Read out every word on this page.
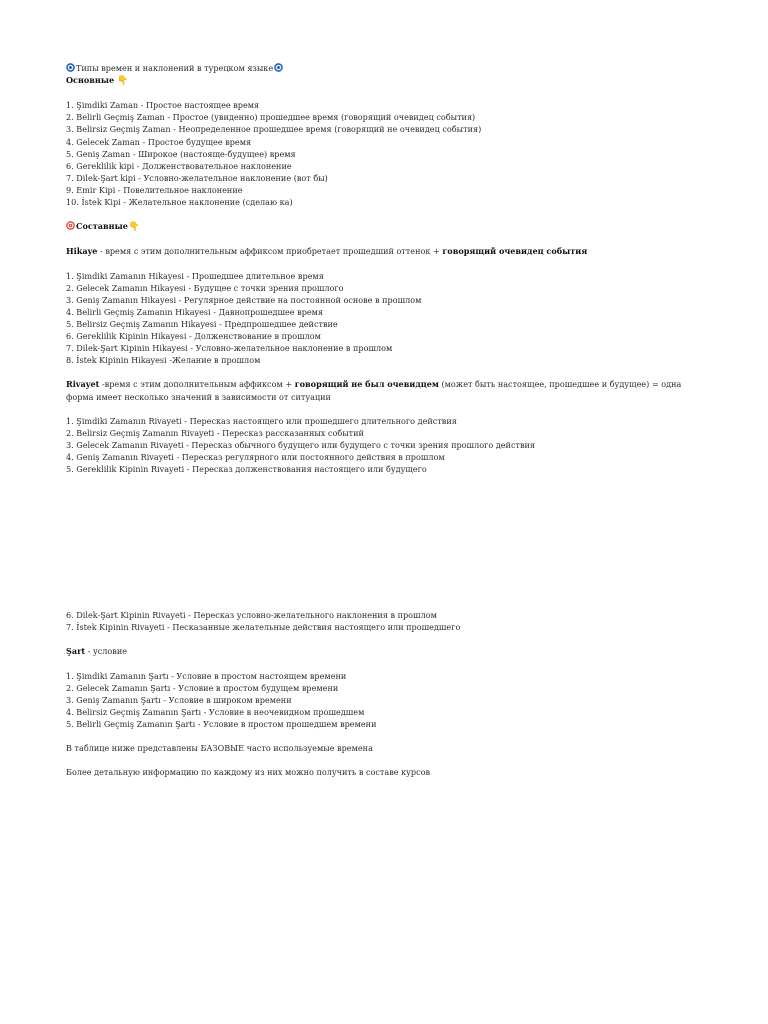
Типы времен и наклонений в турецком языке
Основные 👇
1. Şimdiki Zaman - Простое настоящее время
2. Belirli Geçmiş Zaman - Простое (увиденно) прошедшее время (говорящий очевидец события)
3. Belirsiz Geçmiş Zaman - Неопределенное прошедшее время (говорящий не очевидец события)
4. Gelecek Zaman - Простое будущее время
5. Geniş Zaman - Широкое (настояще-будущее) время
6. Gereklilik kipi - Долженствовательное наклонение
7. Dilek-Şart kipi - Условно-желательное наклонение (вот бы)
9. Emir Kipi - Повелительное наклонение
10. İstek Kipi - Желательное наклонение (сделаю ка)
Составные👇
Hikaye - время с этим дополнительным аффиксом приобретает прошедший оттенок + говорящий очевидец события
1. Şimdiki Zamanın Hikayesi - Прошедшее длительное время
2. Gelecek Zamanın Hikayesi - Будущее с точки зрения прошлого
3. Geniş Zamanın Hikayesi - Регулярное действие на постоянной основе в прошлом
4. Belirli Geçmiş Zamanın Hikayesi - Давнопрошедшее время
5. Belirsiz Geçmiş Zamanın Hikayesi - Предпрошедшее действие
6. Gereklilik Kipinin Hikayesi - Долженствование в прошлом
7. Dilek-Şart Kipinin Hikayesi - Условно-желательное наклонение в прошлом
8. İstek Kipinin Hikayesi -Желание в прошлом
Rivayet -время с этим дополнительным аффиксом + говорящий не был очевидцем (может быть настоящее, прошедшее и будущее) = одна форма имеет несколько значений в зависимости от ситуации
1. Şimdiki Zamanın Rivayeti - Пересказ настоящего или прошедшего длительного действия
2. Belirsiz Geçmiş Zamanın Rivayeti - Пересказ рассказанных событий
3. Gelecek Zamanın Rivayeti - Пересказ обычного будущего или будущего с точки зрения прошлого действия
4. Geniş Zamanın Rivayeti - Пересказ регулярного или постоянного действия в прошлом
5. Gereklilik Kipinin Rivayeti - Пересказ долженствования настоящего или будущего
6. Dilek-Şart Kipinin Rivayeti - Пересказ условно-желательного наклонения в прошлом
7. İstek Kipinin Rivayeti - Песказанные желательные действия настоящего или прошедшего
Şart - условие
1. Şimdiki Zamanın Şartı - Условие в простом настоящем времени
2. Gelecek Zamanın Şartı - Условие в простом будущем времени
3. Geniş Zamanın Şartı - Условие в широком времени
4. Belirsiz Geçmiş Zamanın Şartı - Условие в неочевидном прошедшем
5. Belirli Geçmiş Zamanın Şartı - Условие в простом прошедшем времени
В таблице ниже представлены БАЗОВЫЕ часто используемые времена
Более детальную информацию по каждому из них можно получить в составе курсов
